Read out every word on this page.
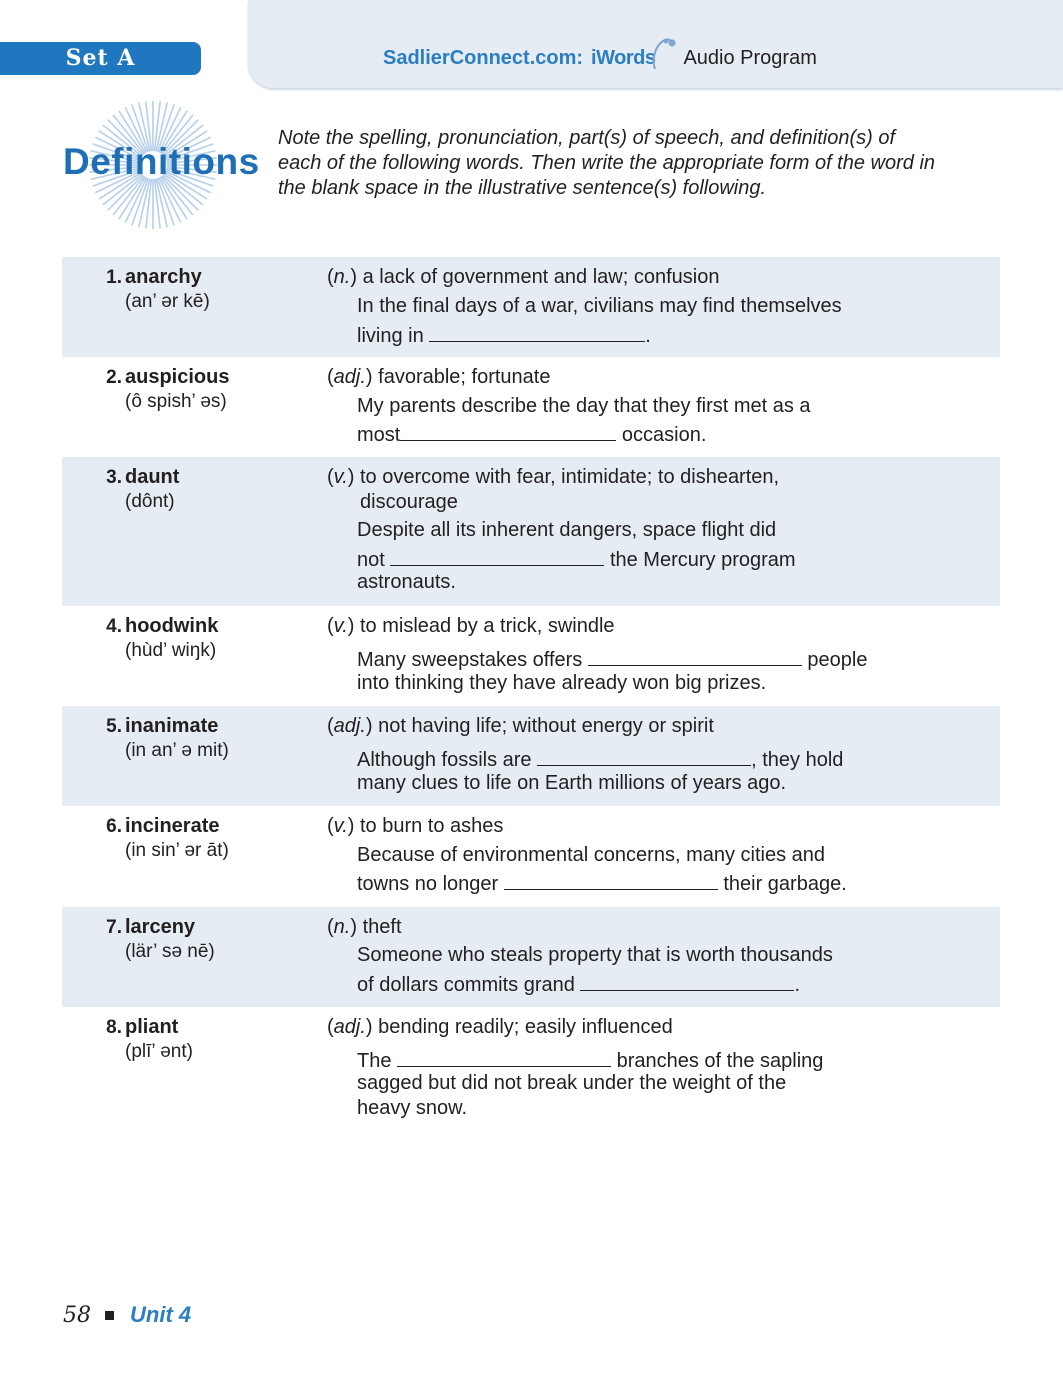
Set A	SadlierConnect.com: iWords Audio Program
Definitions

Note the spelling, pronunciation, part(s) of speech, and definition(s) of each of the following words. Then write the appropriate form of the word in the blank space in the illustrative sentence(s) following.

1. anarchy
(an’ ər kē)
(n.) a lack of government and law; confusion
In the final days of a war, civilians may find themselves
living in	.
2. auspicious
(ô spish’ əs)
(adj.) favorable; fortunate
My parents describe the day that they first met as a
most	occasion.
3. daunt
(dônt)
(v.) to overcome with fear, intimidate; to dishearten,
discourage
Despite all its inherent dangers, space flight did
not	the Mercury program
astronauts.
4. hoodwink
(hùd’ wiŋk)
(v.) to mislead by a trick, swindle
Many sweepstakes offers	people
into thinking they have already won big prizes.
5. inanimate
(in an’ ə mit)
(adj.) not having life; without energy or spirit
Although fossils are	, they hold
many clues to life on Earth millions of years ago.
6. incinerate
(in sin’ ər āt)
(v.) to burn to ashes
Because of environmental concerns, many cities and
towns no longer	their garbage.
7. larceny
(lär’ sə nē)
(n.) theft
Someone who steals property that is worth thousands
of dollars commits grand	.
8. pliant
(plī’ ənt)
(adj.) bending readily; easily influenced
The	branches of the sapling
sagged but did not break under the weight of the
heavy snow.
58 Unit 4
